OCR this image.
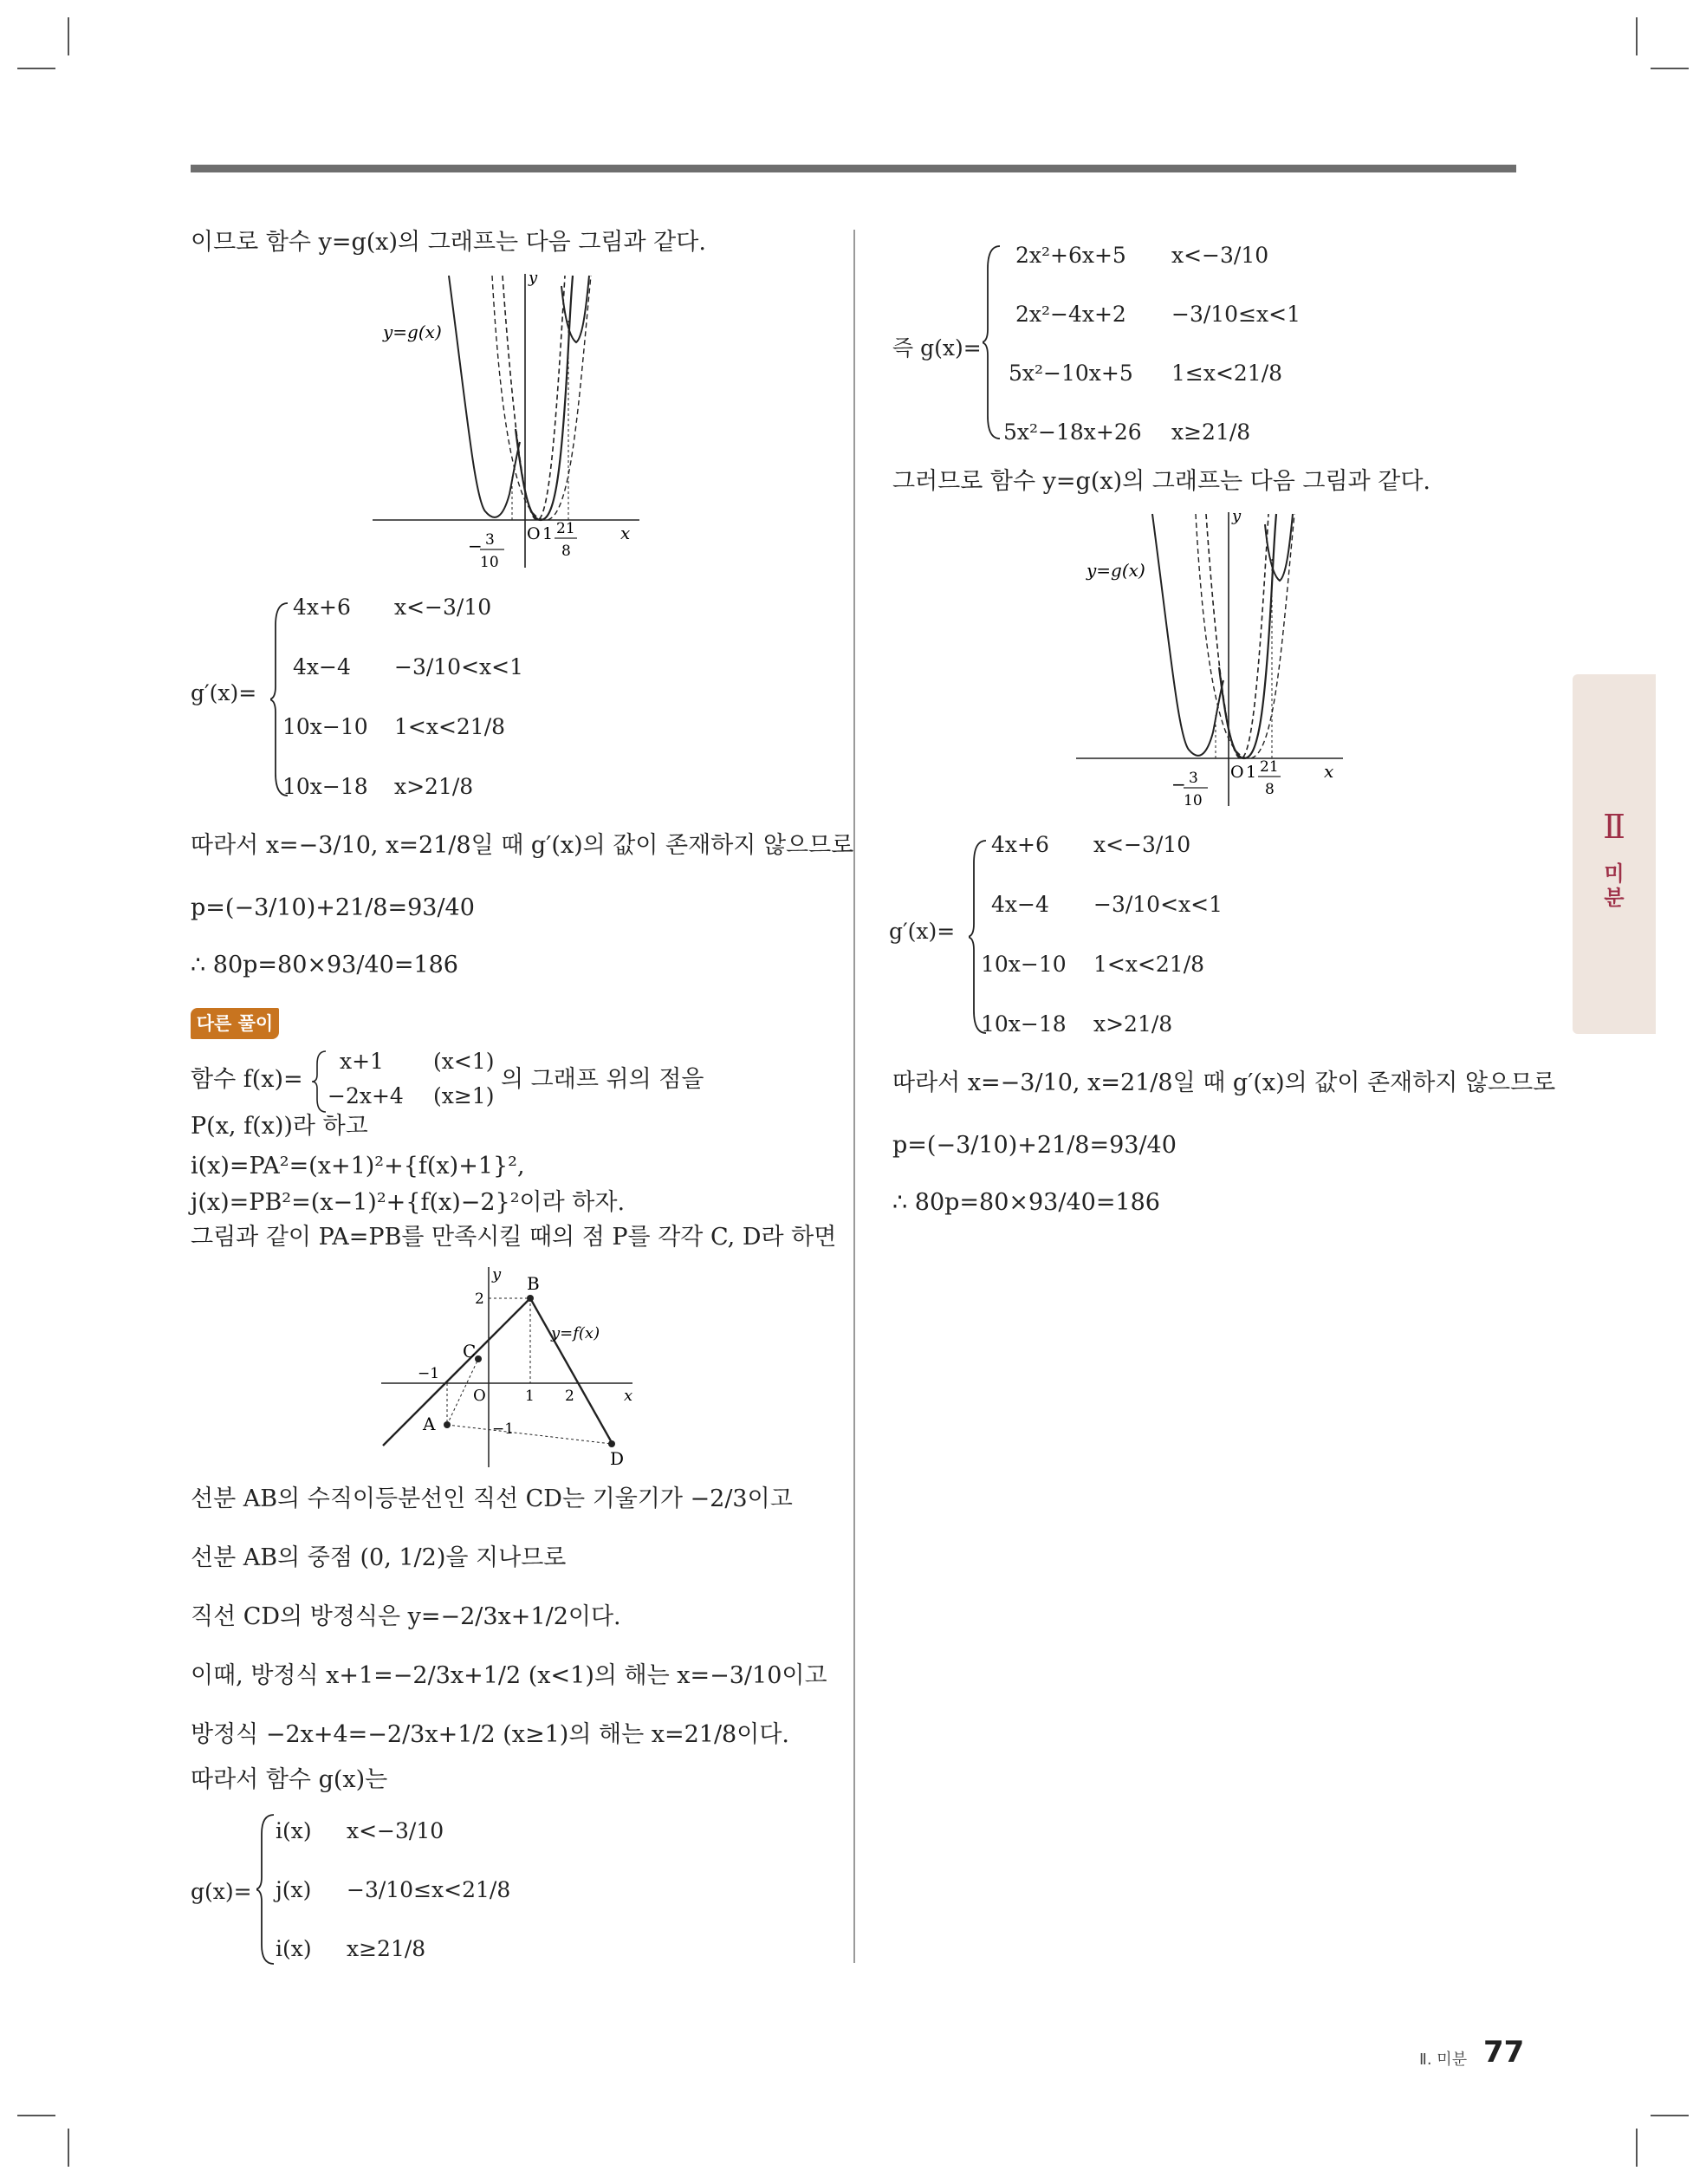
이므로 함수 y=g(x)의 그래프는 다음 그림과 같다.
y=g(x)
y
x
O 1
− 3
10
21
8
g′(x)=
4x+6 x<−3/10
4x−4 −3/10<x<1
10x−10 1<x<21/8
10x−18 x>21/8
따라서 x=−3/10, x=21/8일 때 g′(x)의 값이 존재하지 않으므로
p=(−3/10)+21/8=93/40
∴ 80p=80×93/40=186
다른 풀이
함수 f(x)=
x+1 (x<1)
−2x+4 (x≥1)
의 그래프 위의 점을
P(x, f(x))라 하고
i(x)=PA²=(x+1)²+{f(x)+1}²,
j(x)=PB²=(x−1)²+{f(x)−2}²이라 하자.
그림과 같이 PA=PB를 만족시킬 때의 점 P를 각각 C, D라 하면
y
x
B
C
A
D
O
y=f(x)
2
−1
1 2
−1
선분 AB의 수직이등분선인 직선 CD는 기울기가 −2/3이고
선분 AB의 중점 (0, 1/2)을 지나므로
직선 CD의 방정식은 y=−2/3x+1/2이다.
이때, 방정식 x+1=−2/3x+1/2 (x<1)의 해는 x=−3/10이고
방정식 −2x+4=−2/3x+1/2 (x≥1)의 해는 x=21/8이다.
따라서 함수 g(x)는
g(x)=
i(x) x<−3/10
j(x) −3/10≤x<21/8
i(x) x≥21/8
즉 g(x)=
2x²+6x+5 x<−3/10
2x²−4x+2 −3/10≤x<1
5x²−10x+5 1≤x<21/8
5x²−18x+26 x≥21/8
그러므로 함수 y=g(x)의 그래프는 다음 그림과 같다.
y=g(x)
y
x
O 1
− 3
10
21
8
g′(x)=
4x+6 x<−3/10
4x−4 −3/10<x<1
10x−10 1<x<21/8
10x−18 x>21/8
따라서 x=−3/10, x=21/8일 때 g′(x)의 값이 존재하지 않으므로
p=(−3/10)+21/8=93/40
∴ 80p=80×93/40=186
Ⅱ
미
분
Ⅱ. 미분 77
